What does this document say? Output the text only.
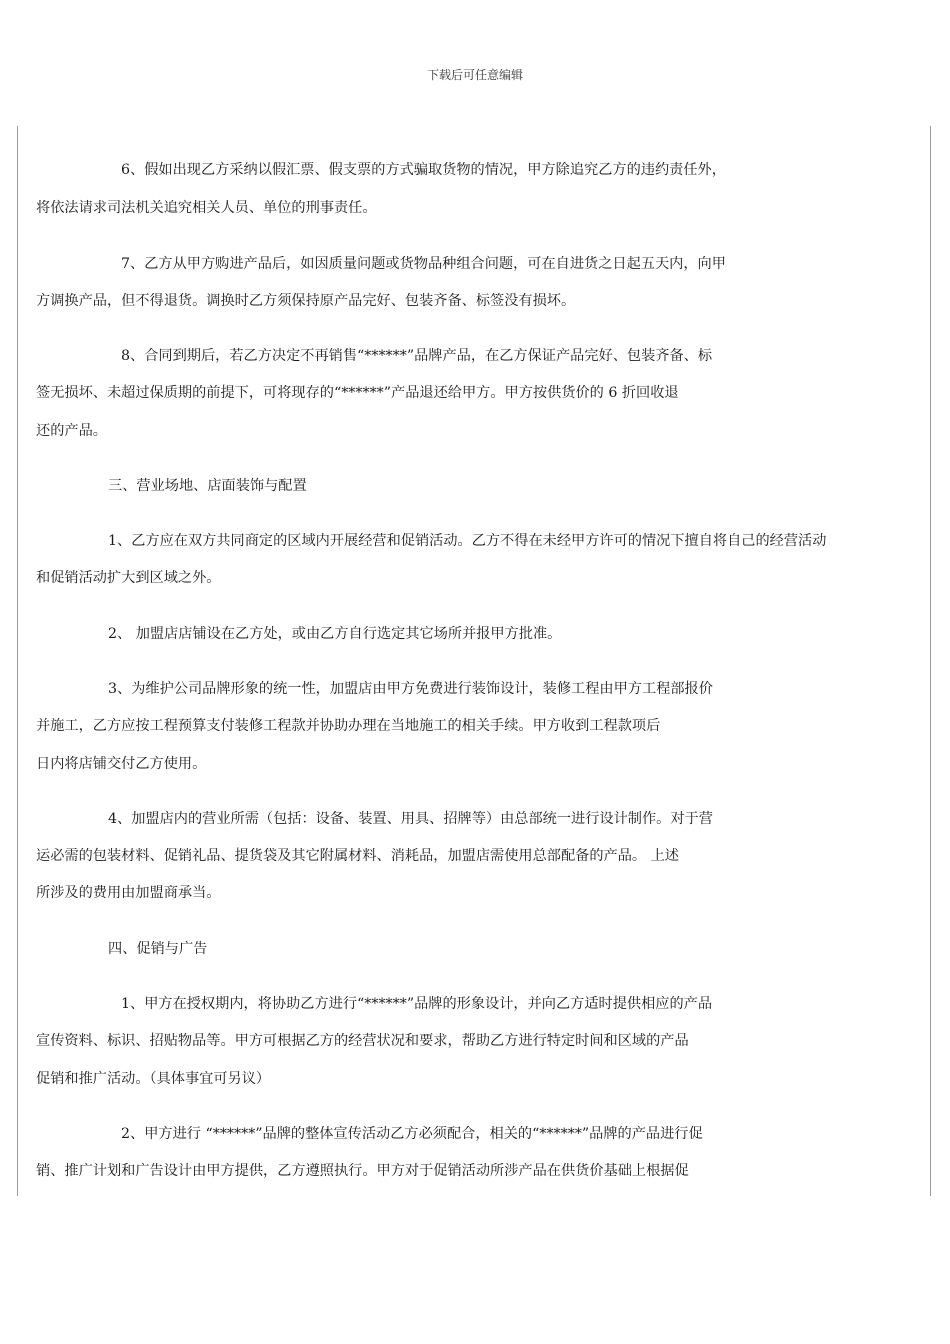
下载后可任意编辑
6、假如出现乙方采纳以假汇票、假支票的方式骗取货物的情况，甲方除追究乙方的违约责任外，
将依法请求司法机关追究相关人员、单位的刑事责任。
7、乙方从甲方购进产品后，如因质量问题或货物品种组合问题，可在自进货之日起五天内，向甲
方调换产品，但不得退货。调换时乙方须保持原产品完好、包装齐备、标签没有损坏。
8、合同到期后，若乙方决定不再销售“******”品牌产品，在乙方保证产品完好、包装齐备、标
签无损坏、未超过保质期的前提下，可将现存的“******”产品退还给甲方。甲方按供货价的 6 折回收退
还的产品。
三、营业场地、店面装饰与配置
1、乙方应在双方共同商定的区域内开展经营和促销活动。乙方不得在未经甲方许可的情况下擅自将自己的经营活动
和促销活动扩大到区域之外。
2、 加盟店店铺设在乙方处，或由乙方自行选定其它场所并报甲方批准。
3、为维护公司品牌形象的统一性，加盟店由甲方免费进行装饰设计，装修工程由甲方工程部报价
并施工，乙方应按工程预算支付装修工程款并协助办理在当地施工的相关手续。甲方收到工程款项后
日内将店铺交付乙方使用。
4、加盟店内的营业所需（包括：设备、装置、用具、招牌等）由总部统一进行设计制作。对于营
运必需的包装材料、促销礼品、提货袋及其它附属材料、消耗品，加盟店需使用总部配备的产品。 上述
所涉及的费用由加盟商承当。
四、促销与广告
1、甲方在授权期内，将协助乙方进行“******”品牌的形象设计，并向乙方适时提供相应的产品
宣传资料、标识、招贴物品等。甲方可根据乙方的经营状况和要求，帮助乙方进行特定时间和区域的产品
促销和推广活动。（具体事宜可另议）
2、甲方进行 “******”品牌的整体宣传活动乙方必须配合，相关的“******”品牌的产品进行促
销、推广计划和广告设计由甲方提供，乙方遵照执行。甲方对于促销活动所涉产品在供货价基础上根据促
